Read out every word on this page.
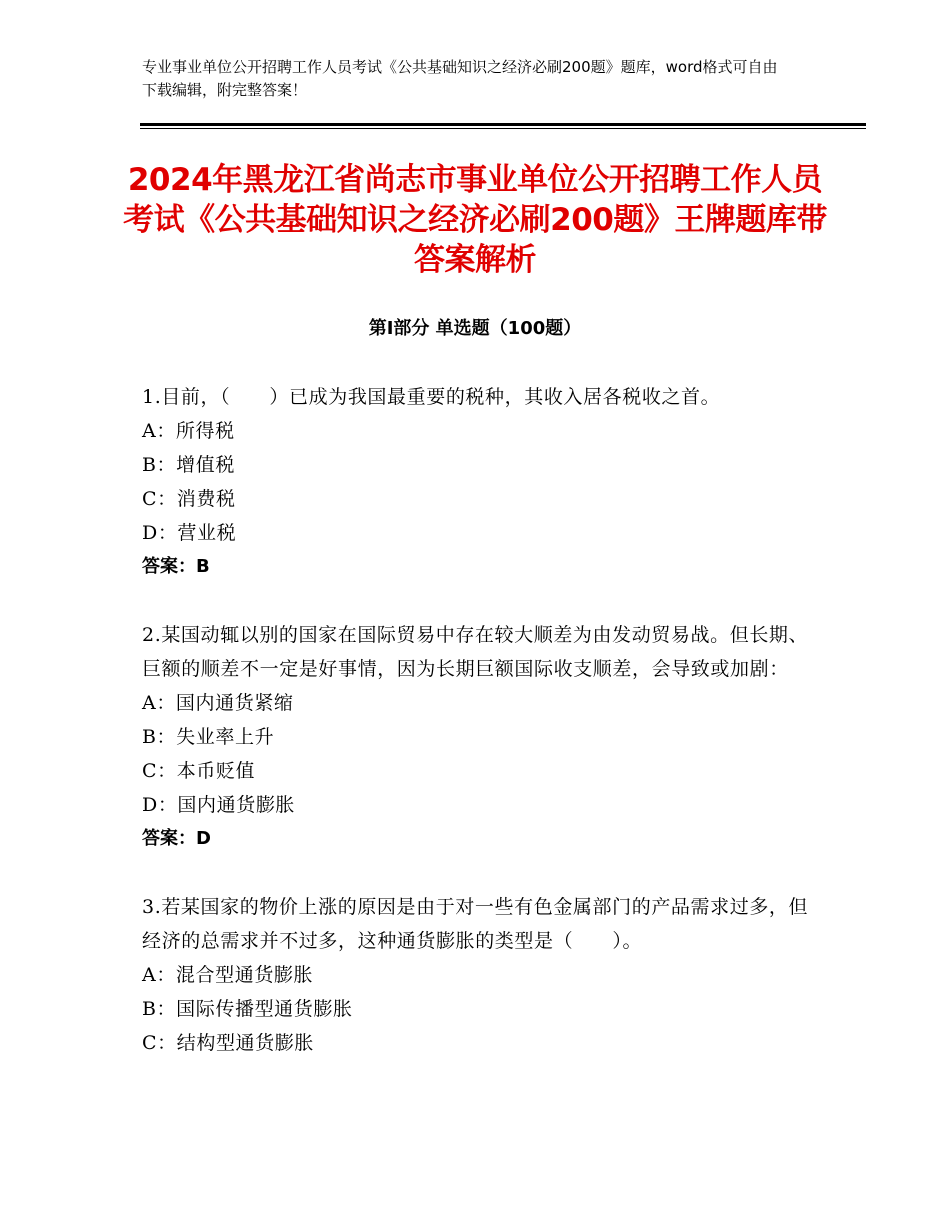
专业事业单位公开招聘工作人员考试《公共基础知识之经济必刷200题》题库，word格式可自由下载编辑，附完整答案！
2024年黑龙江省尚志市事业单位公开招聘工作人员考试《公共基础知识之经济必刷200题》王牌题库带答案解析
第Ⅰ部分 单选题（100题）
1.目前，（　　）已成为我国最重要的税种，其收入居各税收之首。
A：所得税
B：增值税
C：消费税
D：营业税
答案：B
2.某国动辄以别的国家在国际贸易中存在较大顺差为由发动贸易战。但长期、巨额的顺差不一定是好事情，因为长期巨额国际收支顺差，会导致或加剧：
A：国内通货紧缩
B：失业率上升
C：本币贬值
D：国内通货膨胀
答案：D
3.若某国家的物价上涨的原因是由于对一些有色金属部门的产品需求过多，但经济的总需求并不过多，这种通货膨胀的类型是（　　）。
A：混合型通货膨胀
B：国际传播型通货膨胀
C：结构型通货膨胀
